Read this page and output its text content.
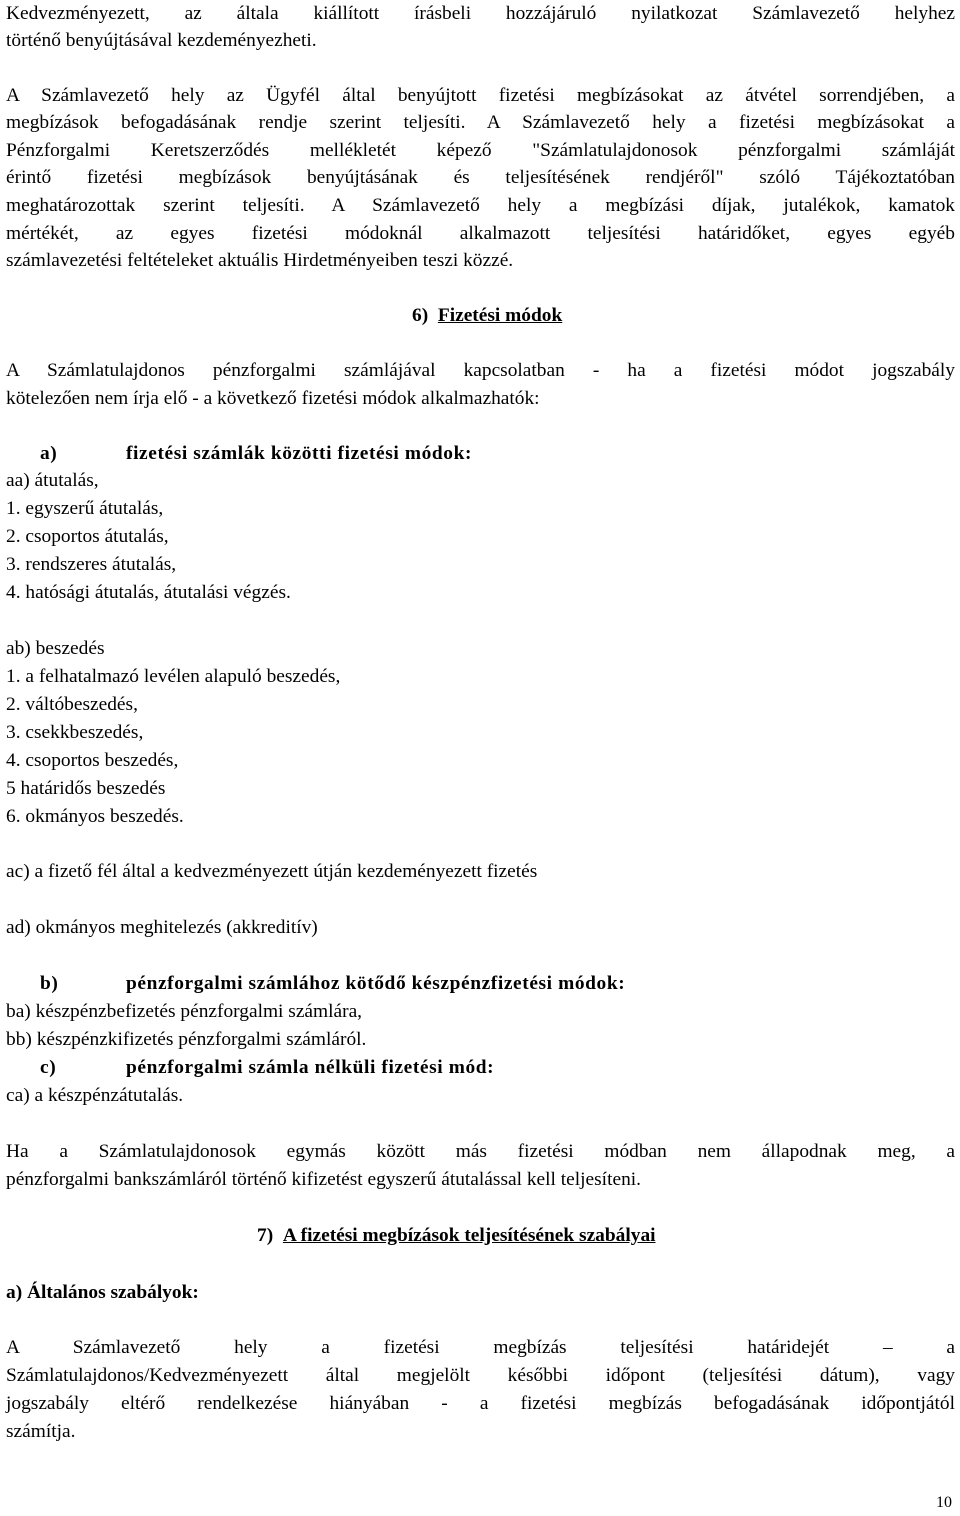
Kedvezményezett, az általa kiállított írásbeli hozzájáruló nyilatkozat Számlavezető helyhez
történő benyújtásával kezdeményezheti.
A Számlavezető hely az Ügyfél által benyújtott fizetési megbízásokat az átvétel sorrendjében, a
megbízások befogadásának rendje szerint teljesíti. A Számlavezető hely a fizetési megbízásokat a
Pénzforgalmi Keretszerződés mellékletét képező "Számlatulajdonosok pénzforgalmi számláját
érintő fizetési megbízások benyújtásának és teljesítésének rendjéről" szóló Tájékoztatóban
meghatározottak szerint teljesíti. A Számlavezető hely a megbízási díjak, jutalékok, kamatok
mértékét, az egyes fizetési módoknál alkalmazott teljesítési határidőket, egyes egyéb
számlavezetési feltételeket aktuális Hirdetményeiben teszi közzé.
6) Fizetési módok
A Számlatulajdonos pénzforgalmi számlájával kapcsolatban - ha a fizetési módot jogszabály
kötelezően nem írja elő - a következő fizetési módok alkalmazhatók:
a)	fizetési számlák közötti fizetési módok:
aa) átutalás,
1. egyszerű átutalás,
2. csoportos átutalás,
3. rendszeres átutalás,
4. hatósági átutalás, átutalási végzés.
ab) beszedés
1. a felhatalmazó levélen alapuló beszedés,
2. váltóbeszedés,
3. csekkbeszedés,
4. csoportos beszedés,
5 határidős beszedés
6. okmányos beszedés.
ac) a fizető fél által a kedvezményezett útján kezdeményezett fizetés
ad) okmányos meghitelezés (akkreditív)
b)	pénzforgalmi számlához kötődő készpénzfizetési módok:
ba) készpénzbefizetés pénzforgalmi számlára,
bb) készpénzkifizetés pénzforgalmi számláról.
c)	pénzforgalmi számla nélküli fizetési mód:
ca) a készpénzátutalás.
Ha a Számlatulajdonosok egymás között más fizetési módban nem állapodnak meg, a
pénzforgalmi bankszámláról történő kifizetést egyszerű átutalással kell teljesíteni.
7) A fizetési megbízások teljesítésének szabályai
a) Általános szabályok:
A Számlavezető hely a fizetési megbízás teljesítési határidejét – a
Számlatulajdonos/Kedvezményezett által megjelölt későbbi időpont (teljesítési dátum), vagy
jogszabály eltérő rendelkezése hiányában - a fizetési megbízás befogadásának időpontjától
számítja.
10
